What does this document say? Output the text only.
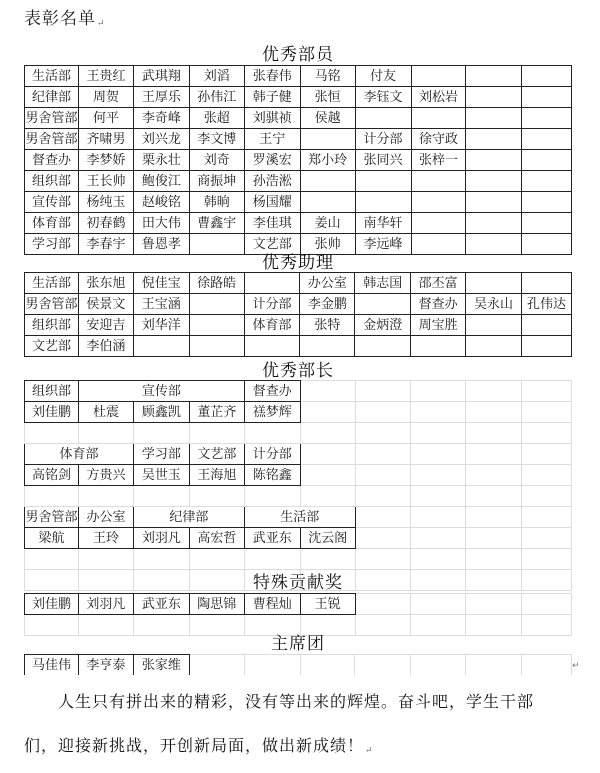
表彰名单↵
优秀部员
生活部	王贵红	武琪翔	刘滔	张春伟	马铭	付友			
纪律部	周贺	王厚乐	孙伟江	韩子健	张恒	李钰文	刘松岩		
男舍管部	何平	李奇峰	张超	刘骐祯	侯越				
男舍管部	齐啸男	刘兴龙	李文博	王宁		计分部	徐守政		
督查办	李梦娇	栗永壮	刘奇	罗溪宏	郑小玲	张同兴	张梓一		
组织部	王长帅	鲍俊江	商振坤	孙浩淞					
宣传部	杨纯玉	赵峻铭	韩晌	杨国耀					
体育部	初春鹤	田大伟	曹鑫宇	李佳琪	姜山	南华轩			
学习部	李春宇	鲁恩孝		文艺部	张帅	李远峰			
优秀助理
生活部	张东旭	倪佳宝	徐路皓		办公室	韩志国	邵丕富		
男舍管部	侯景文	王宝涵		计分部	李金鹏		督查办	吴永山	孔伟达
组织部	安迎吉	刘华洋		体育部	张特	金炳澄	周宝胜		
文艺部	李伯涵								
优秀部长
组织部	宣传部			督查办					
刘佳鹏	杜震	顾鑫凯	董芷齐	禚梦辉					

体育部		学习部	文艺部	计分部					
高铭剑	方贵兴	吴世玉	王海旭	陈铭鑫					

男舍管部	办公室	纪律部		生活部					
梁航	王玲	刘羽凡	高宏哲	武亚东	沈云阁				

特殊贡献奖
刘佳鹏	刘羽凡	武亚东	陶思锦	曹程灿	王锐				

主席团
马佳伟	李亨泰	张家维								↵
人生只有拼出来的精彩，没有等出来的辉煌。奋斗吧，学生干部
们，迎接新挑战，开创新局面，做出新成绩！↵
